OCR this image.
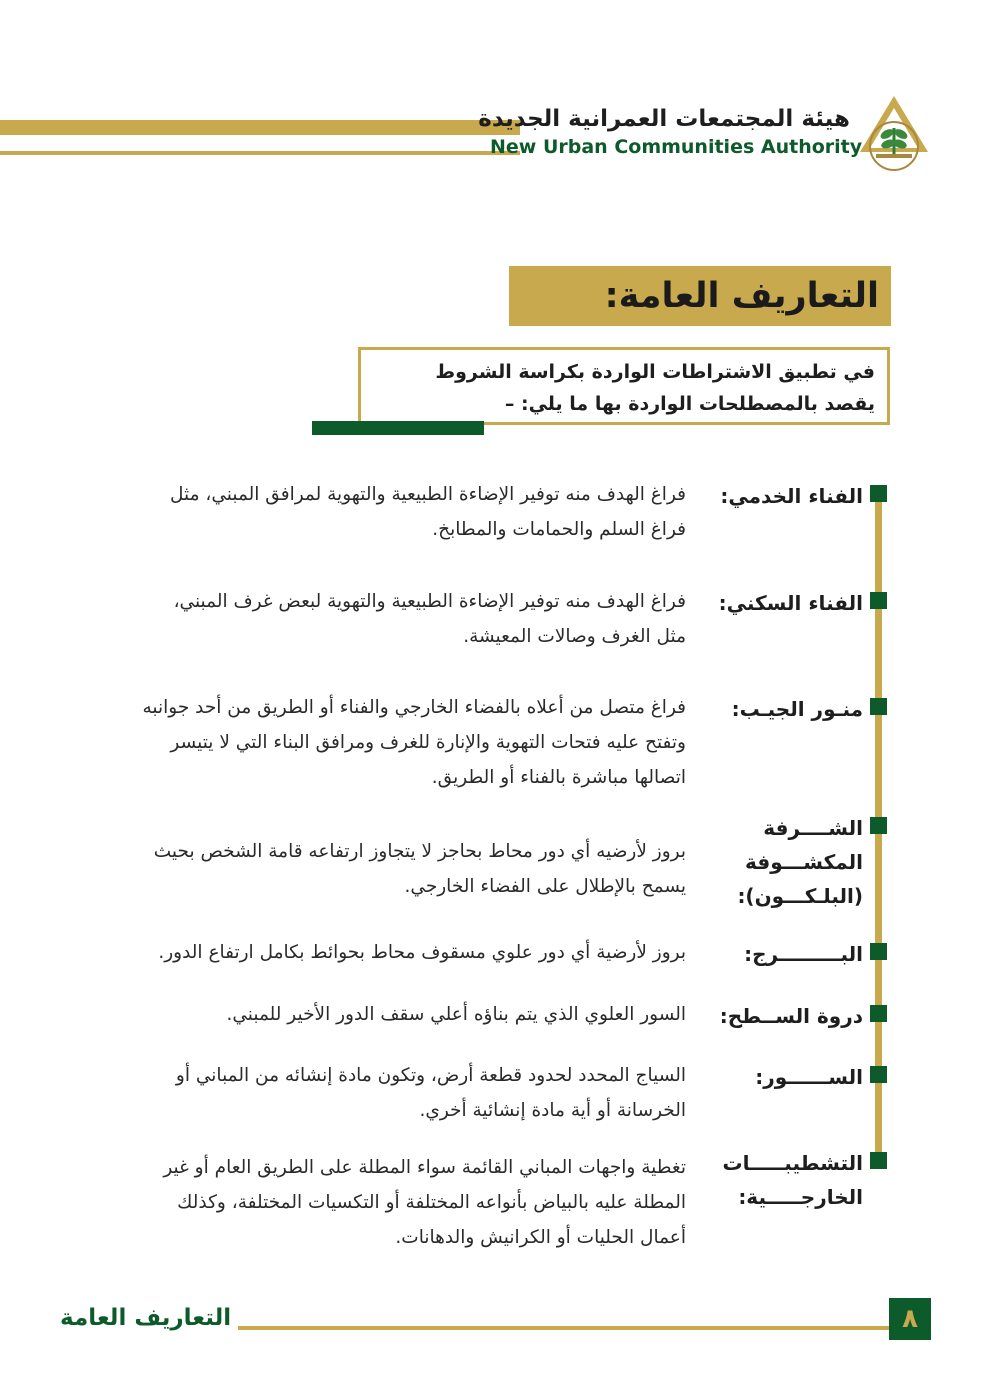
هيئة المجتمعات العمرانية الجديدة
New Urban Communities Authority
التعاريف العامة:
في تطبيق الاشتراطات الواردة بكراسة الشروط
يقصد بالمصطلحات الواردة بها ما يلي: –
الفناء الخدمي:
فراغ الهدف منه توفير الإضاءة الطبيعية والتهوية لمرافق المبني، مثل
فراغ السلم والحمامات والمطابخ.
الفناء السكني:
فراغ الهدف منه توفير الإضاءة الطبيعية والتهوية لبعض غرف المبني،
مثل الغرف وصالات المعيشة.
منـور الجيـب:
فراغ متصل من أعلاه بالفضاء الخارجي والفناء أو الطريق من أحد جوانبه
وتفتح عليه فتحات التهوية والإنارة للغرف ومرافق البناء التي لا يتيسر
اتصالها مباشرة بالفناء أو الطريق.
الشــــرفة
المكشـــوفة
(البلـكـــون):
بروز لأرضيه أي دور محاط بحاجز لا يتجاوز ارتفاعه قامة الشخص بحيث
يسمح بالإطلال على الفضاء الخارجي.
البـــــــــرج:
بروز لأرضية أي دور علوي مسقوف محاط بحوائط بكامل ارتفاع الدور.
دروة الســطح:
السور العلوي الذي يتم بناؤه أعلي سقف الدور الأخير للمبني.
الســــــور:
السياج المحدد لحدود قطعة أرض، وتكون مادة إنشائه من المباني أو
الخرسانة أو أية مادة إنشائية أخري.
التشطيبـــــات
الخارجـــــية:
تغطية واجهات المباني القائمة سواء المطلة على الطريق العام أو غير
المطلة عليه بالبياض بأنواعه المختلفة أو التكسيات المختلفة، وكذلك
أعمال الحليات أو الكرانيش والدهانات.
التعاريف العامة	٨
